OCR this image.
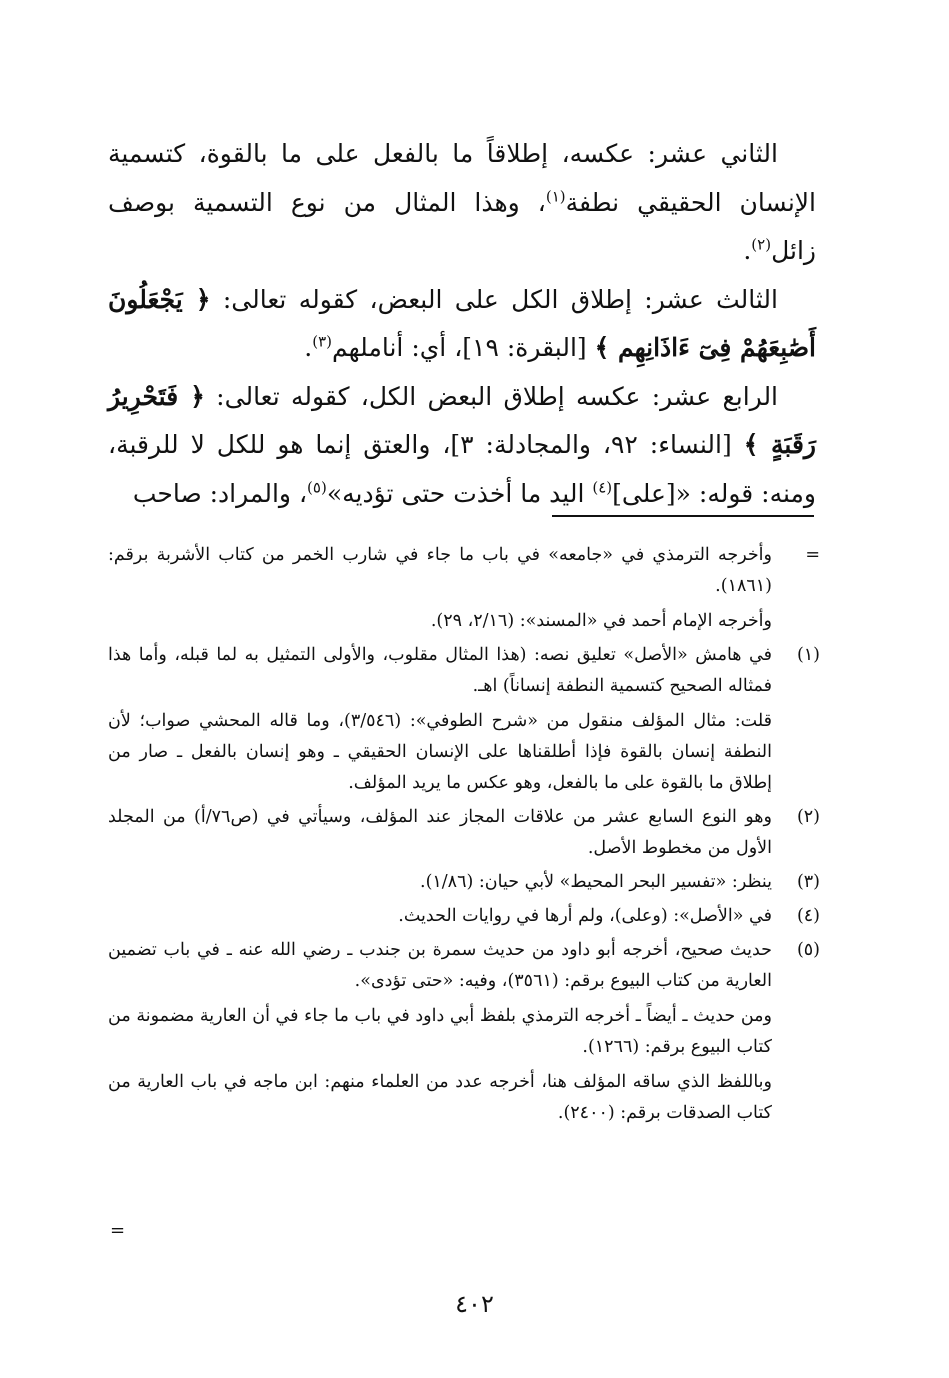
الثاني عشر: عكسه، إطلاقاً ما بالفعل على ما بالقوة، كتسمية الإنسان الحقيقي نطفة$^{(١)}$، وهذا المثال من نوع التسمية بوصف زائل$^{(٢)}$.

الثالث عشر: إطلاق الكل على البعض، كقوله تعالى: ﴿ يَجْعَلُونَ أَصَٰبِعَهُمْ فِىٓ ءَاذَانِهِم ﴾ [البقرة: ١٩]، أي: أناملهم$^{(٣)}$.

الرابع عشر: عكسه إطلاق البعض الكل، كقوله تعالى: ﴿ فَتَحْرِيرُ رَقَبَةٍ ﴾ [النساء: ٩٢، والمجادلة: ٣]، والعتق إنما هو للكل لا للرقبة، ومنه: قوله: «[على]$^{(٤)}$ اليد ما أخذت حتى تؤديه»$^{(٥)}$، والمراد: صاحب

=

وأخرجه الترمذي في «جامعه» في باب ما جاء في شارب الخمر من كتاب الأشربة برقم: (١٨٦١).

وأخرجه الإمام أحمد في «المسند»: (٢/١٦، ٢٩).

(١)

في هامش «الأصل» تعليق نصه: (هذا المثال مقلوب، والأولى التمثيل به لما قبله، وأما هذا فمثاله الصحيح كتسمية النطفة إنساناً) اهـ.

قلت: مثال المؤلف منقول من «شرح الطوفي»: (٣/٥٤٦)، وما قاله المحشي صواب؛ لأن النطفة إنسان بالقوة فإذا أطلقناها على الإنسان الحقيقي ـ وهو إنسان بالفعل ـ صار من إطلاق ما بالقوة على ما بالفعل، وهو عكس ما يريد المؤلف.

(٢)

وهو النوع السابع عشر من علاقات المجاز عند المؤلف، وسيأتي في (ص٧٦/أ) من المجلد الأول من مخطوط الأصل.

(٣)

ينظر: «تفسير البحر المحيط» لأبي حيان: (١/٨٦).

(٤)

في «الأصل»: (وعلى)، ولم أرها في روايات الحديث.

(٥)

حديث صحيح، أخرجه أبو داود من حديث سمرة بن جندب ـ رضي الله عنه ـ في باب تضمين العارية من كتاب البيوع برقم: (٣٥٦١)، وفيه: «حتى تؤدى».

ومن حديث ـ أيضاً ـ أخرجه الترمذي بلفظ أبي داود في باب ما جاء في أن العارية مضمونة من كتاب البيوع برقم: (١٢٦٦).

وباللفظ الذي ساقه المؤلف هنا، أخرجه عدد من العلماء منهم: ابن ماجه في باب العارية من كتاب الصدقات برقم: (٢٤٠٠).

=
٤٠٢
